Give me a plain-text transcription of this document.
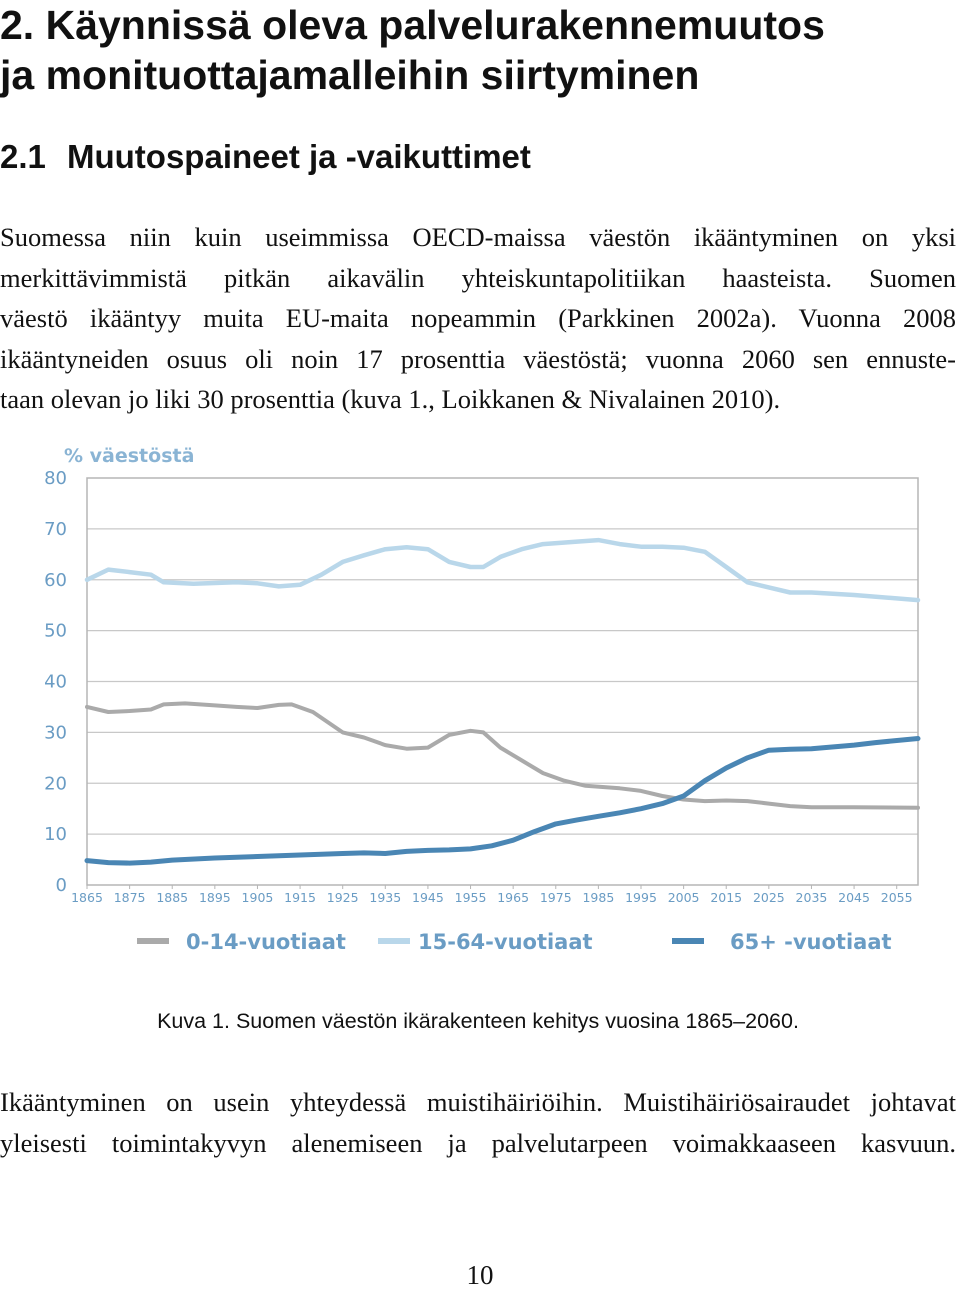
2. Käynnissä oleva palvelurakennemuutos
ja monituottajamalleihin siirtyminen
2.1 Muutospaineet ja -vaikuttimet
Suomessa niin kuin useimmissa OECD-maissa väestön ikääntyminen on yksi
merkittävimmistä pitkän aikavälin yhteiskuntapolitiikan haasteista. Suomen
väestö ikääntyy muita EU-maita nopeammin (Parkkinen 2002a). Vuonna 2008
ikääntyneiden osuus oli noin 17 prosenttia väestöstä; vuonna 2060 sen ennuste-
taan olevan jo liki 30 prosenttia (kuva 1., Loikkanen & Nivalainen 2010).
% väestöstä
0
10
20
30
40
50
60
70
80
1865 1875 1885 1895 1905 1915 1925 1935 1945 1955 1965 1975 1985 1995 2005 2015 2025 2035 2045 2055
0-14-vuotiaat	15-64-vuotiaat	65+ -vuotiaat

Kuva 1. Suomen väestön ikärakenteen kehitys vuosina 1865–2060.

Ikääntyminen on usein yhteydessä muistihäiriöihin. Muistihäiriösairaudet johtavat
yleisesti toimintakyvyn alenemiseen ja palvelutarpeen voimakkaaseen kasvuun.
10
